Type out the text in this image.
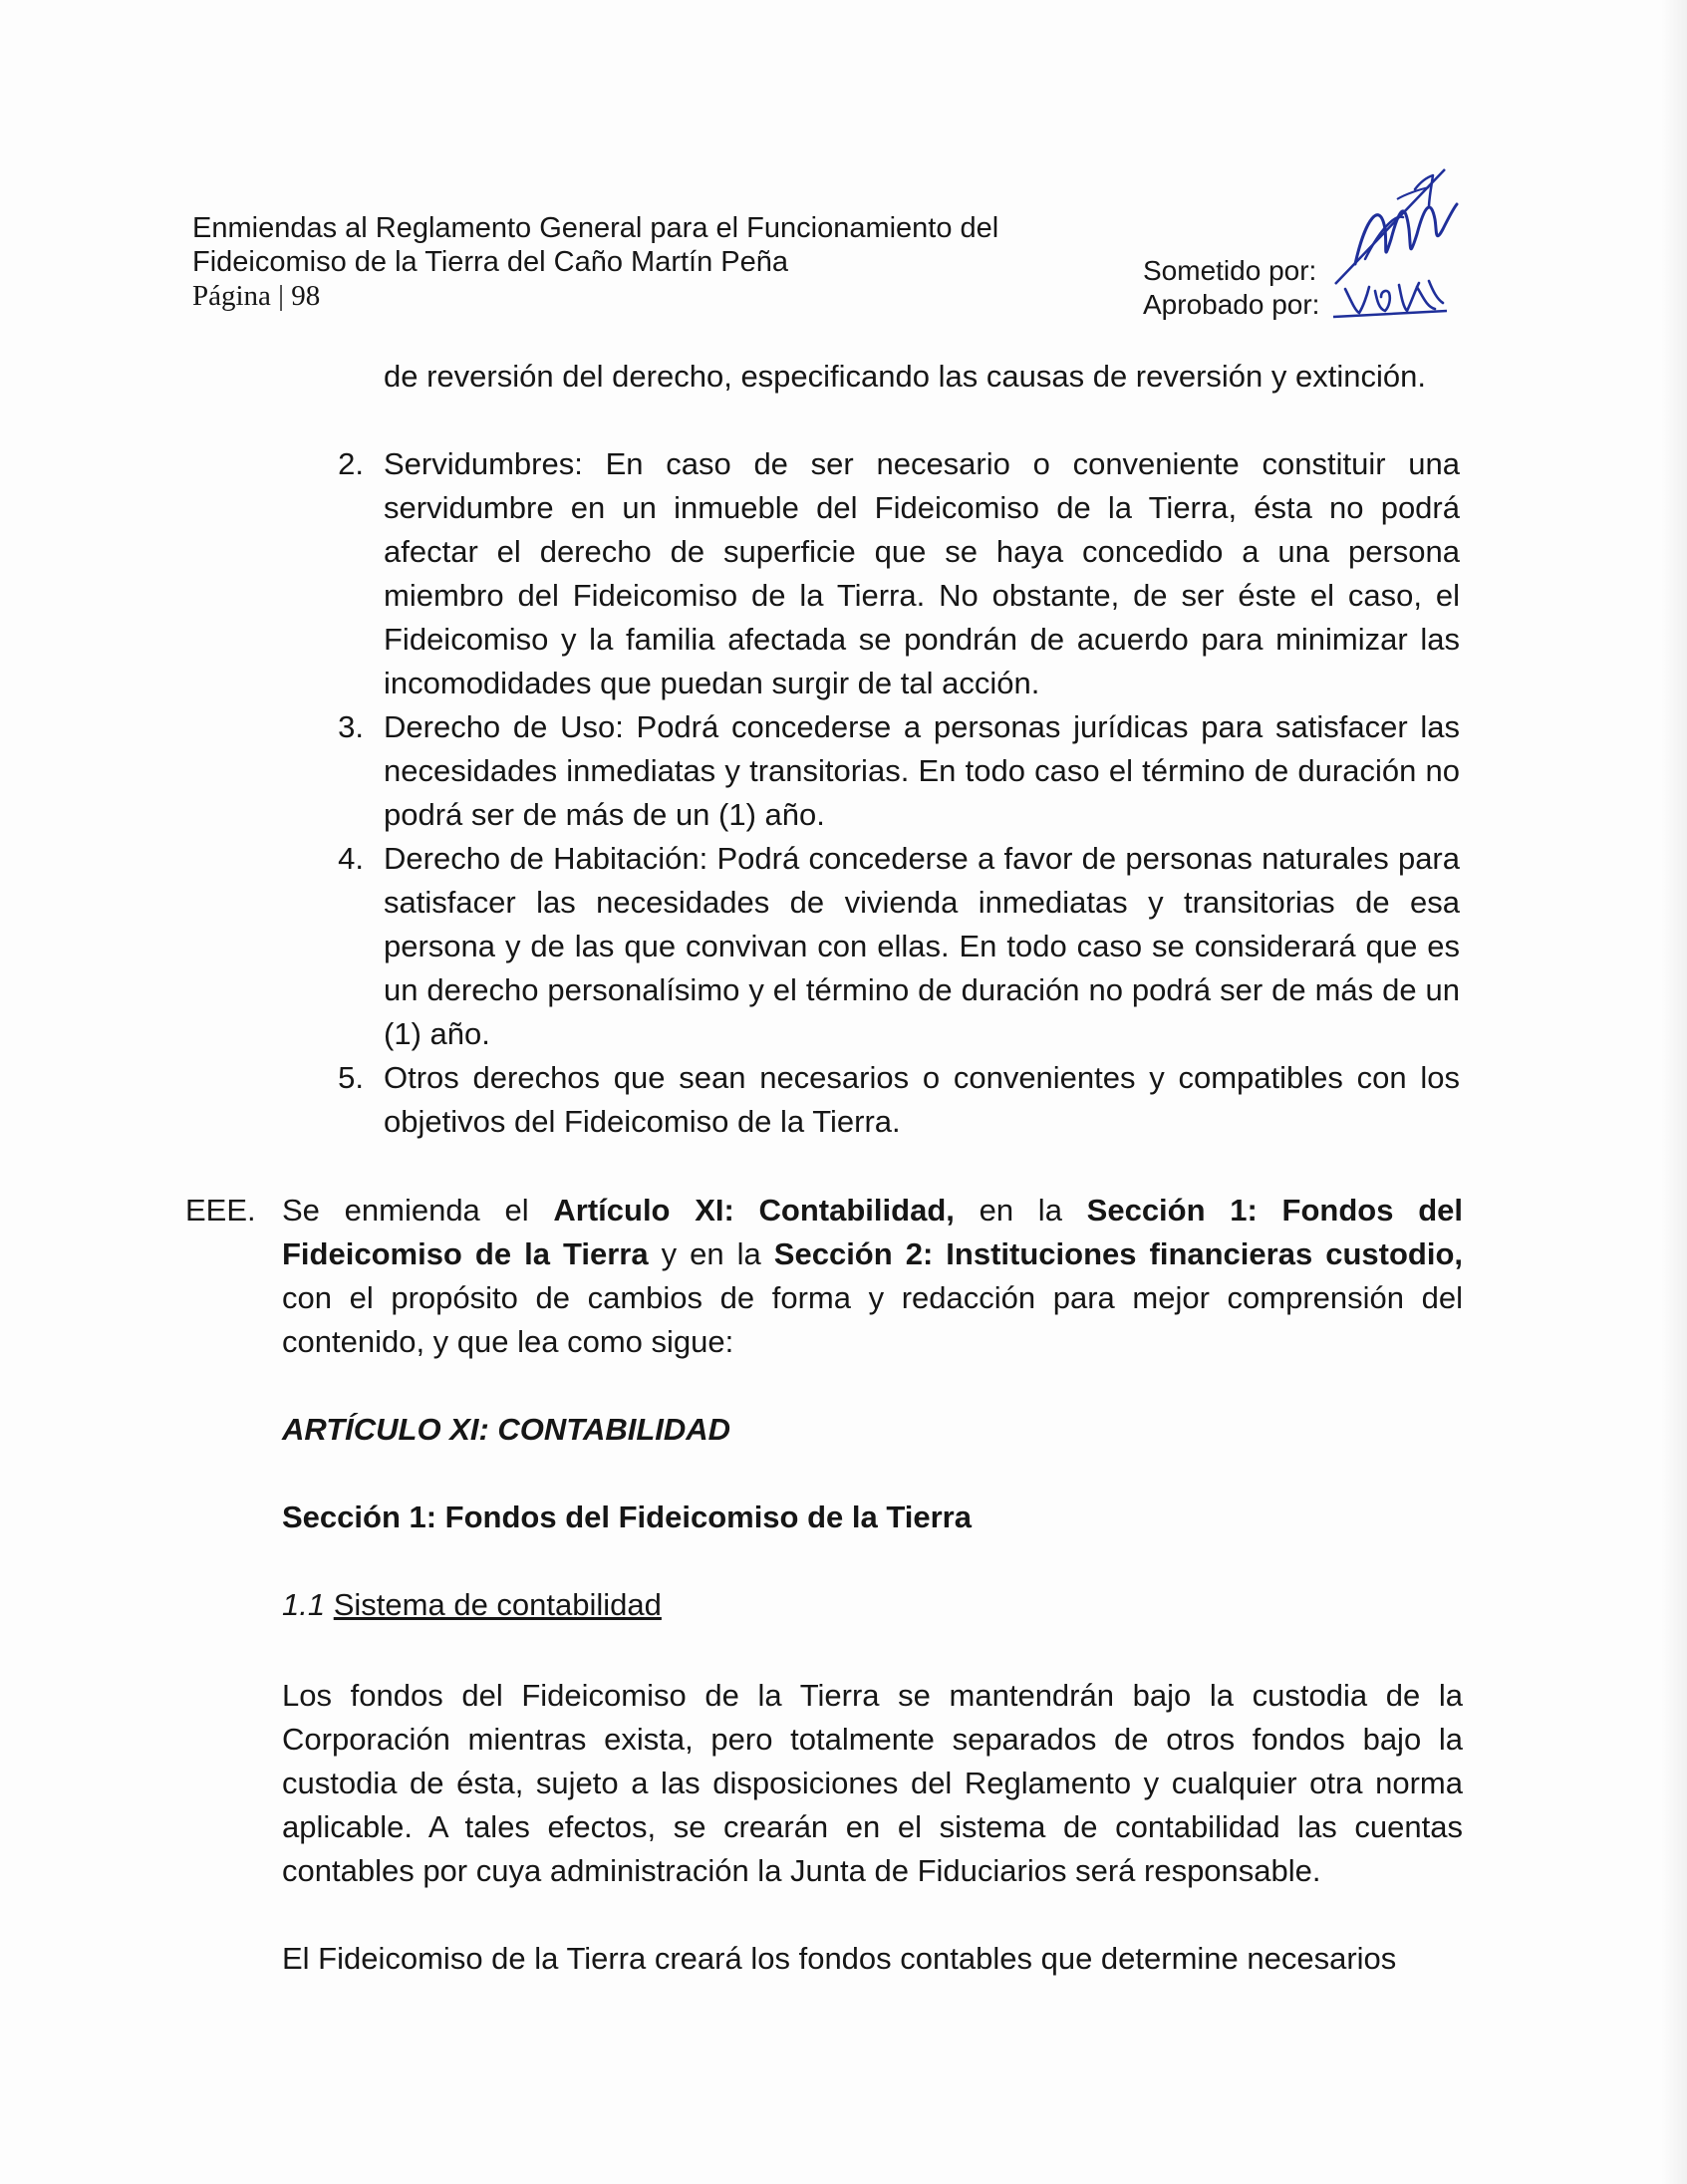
Enmiendas al Reglamento General para el Funcionamiento del
Fideicomiso de la Tierra del Caño Martín Peña
Página | 98
Sometido por:
Aprobado por:
de reversión del derecho, especificando las causas de reversión y extinción.
2. Servidumbres: En caso de ser necesario o conveniente constituir una servidumbre en un inmueble del Fideicomiso de la Tierra, ésta no podrá afectar el derecho de superficie que se haya concedido a una persona miembro del Fideicomiso de la Tierra. No obstante, de ser éste el caso, el Fideicomiso y la familia afectada se pondrán de acuerdo para minimizar las incomodidades que puedan surgir de tal acción.
3. Derecho de Uso: Podrá concederse a personas jurídicas para satisfacer las necesidades inmediatas y transitorias. En todo caso el término de duración no podrá ser de más de un (1) año.
4. Derecho de Habitación: Podrá concederse a favor de personas naturales para satisfacer las necesidades de vivienda inmediatas y transitorias de esa persona y de las que convivan con ellas. En todo caso se considerará que es un derecho personalísimo y el término de duración no podrá ser de más de un (1) año.
5. Otros derechos que sean necesarios o convenientes y compatibles con los objetivos del Fideicomiso de la Tierra.
EEE. Se enmienda el Artículo XI: Contabilidad, en la Sección 1: Fondos del Fideicomiso de la Tierra y en la Sección 2: Instituciones financieras custodio, con el propósito de cambios de forma y redacción para mejor comprensión del contenido, y que lea como sigue:
ARTÍCULO XI: CONTABILIDAD
Sección 1: Fondos del Fideicomiso de la Tierra
1.1 Sistema de contabilidad
Los fondos del Fideicomiso de la Tierra se mantendrán bajo la custodia de la Corporación mientras exista, pero totalmente separados de otros fondos bajo la custodia de ésta, sujeto a las disposiciones del Reglamento y cualquier otra norma aplicable. A tales efectos, se crearán en el sistema de contabilidad las cuentas contables por cuya administración la Junta de Fiduciarios será responsable.
El Fideicomiso de la Tierra creará los fondos contables que determine necesarios
